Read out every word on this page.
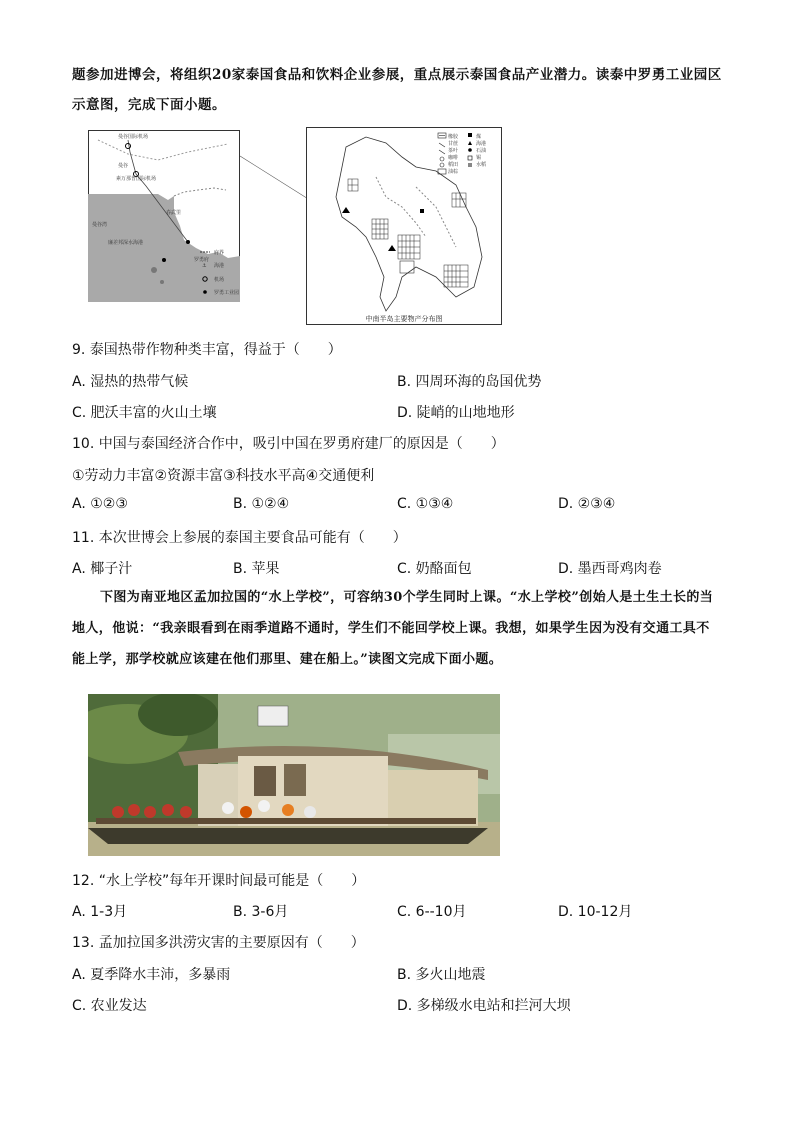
题参加进博会，将组织20家泰国食品和饮料企业参展，重点展示泰国食品产业潜力。读泰中罗勇工业园区示意图，完成下面小题。
曼谷国际机场
曼谷
素万那普国际机场
曼谷湾
廉差邦深水海港
春武里
罗勇府
府界
⚓ 海港
机场
罗勇工业园
橡胶
甘蔗
茶叶
咖啡
稻田
油棕
煤
海港
石油
锡
水稻
中南半岛主要物产分布图
9. 泰国热带作物种类丰富，得益于（　　）
A. 湿热的热带气候	B. 四周环海的岛国优势
C. 肥沃丰富的火山土壤	D. 陡峭的山地地形
10. 中国与泰国经济合作中，吸引中国在罗勇府建厂的原因是（　　）
①劳动力丰富②资源丰富③科技水平高④交通便利
A. ①②③	B. ①②④	C. ①③④	D. ②③④
11. 本次世博会上参展的泰国主要食品可能有（　　）
A. 椰子汁	B. 苹果	C. 奶酪面包	D. 墨西哥鸡肉卷
下图为南亚地区孟加拉国的“水上学校”，可容纳30个学生同时上课。“水上学校”创始人是土生土长的当地人，他说：“我亲眼看到在雨季道路不通时，学生们不能回学校上课。我想，如果学生因为没有交通工具不能上学，那学校就应该建在他们那里、建在船上。”读图文完成下面小题。
12. “水上学校”每年开课时间最可能是（　　）
A. 1-3月	B. 3-6月	C. 6--10月	D. 10-12月
13. 孟加拉国多洪涝灾害的主要原因有（　　）
A. 夏季降水丰沛，多暴雨	B. 多火山地震
C. 农业发达	D. 多梯级水电站和拦河大坝
